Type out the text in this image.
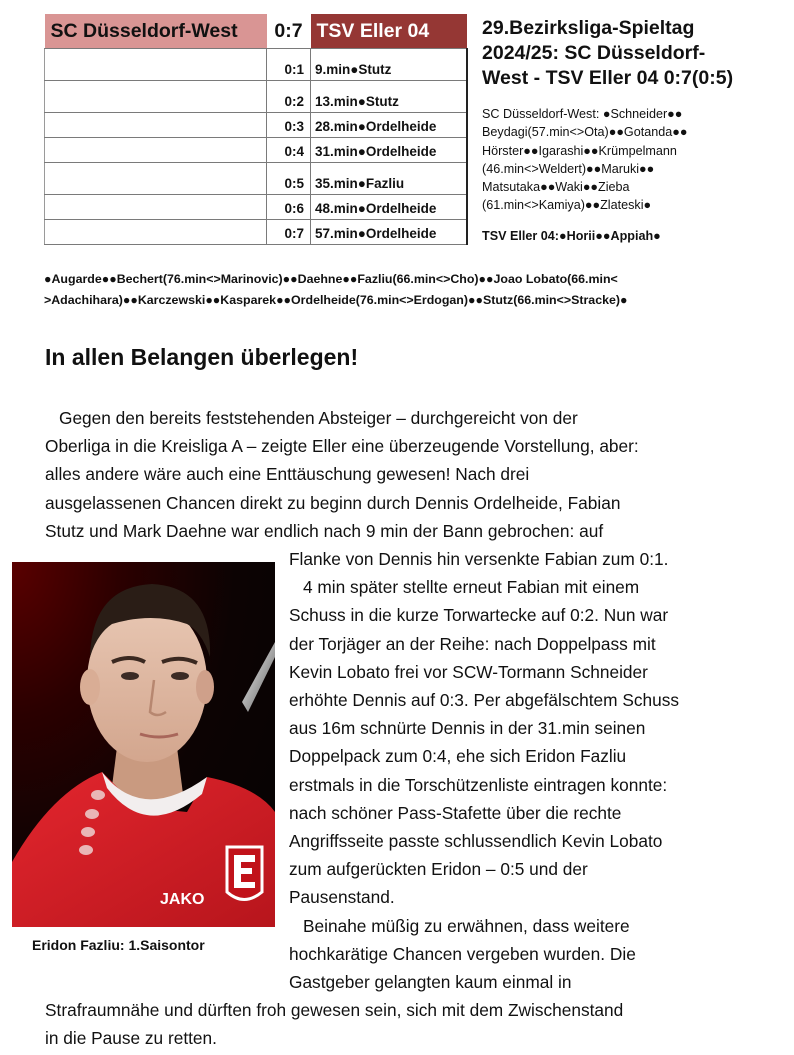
SC Düsseldorf-West	0:7	TSV Eller 04
	0:1	9.min●Stutz
	0:2	13.min●Stutz
	0:3	28.min●Ordelheide
	0:4	31.min●Ordelheide
	0:5	35.min●Fazliu
	0:6	48.min●Ordelheide
	0:7	57.min●Ordelheide
29.Bezirksliga-Spieltag
2024/25: SC Düsseldorf-
West - TSV Eller 04 0:7(0:5)
SC Düsseldorf-West: ●Schneider●●
Beydagi(57.min<>Ota)●●Gotanda●●
Hörster●●Igarashi●●Krümpelmann
(46.min<>Weldert)●●Maruki●●
Matsutaka●●Waki●●Zieba
(61.min<>Kamiya)●●Zlateski●
TSV Eller 04:●Horii●●Appiah●
●Augarde●●Bechert(76.min<>Marinovic)●●Daehne●●Fazliu(66.min<>Cho)●●Joao Lobato(66.min<
>Adachihara)●●Karczewski●●Kasparek●●Ordelheide(76.min<>Erdogan)●●Stutz(66.min<>Stracke)●
In allen Belangen überlegen!
Gegen den bereits feststehenden Absteiger – durchgereicht von der
Oberliga in die Kreisliga A – zeigte Eller eine überzeugende Vorstellung, aber:
alles andere wäre auch eine Enttäuschung gewesen! Nach drei
ausgelassenen Chancen direkt zu beginn durch Dennis Ordelheide, Fabian
Stutz und Mark Daehne war endlich nach 9 min der Bann gebrochen: auf
JAKO
Eridon Fazliu: 1.Saisontor
Flanke von Dennis hin versenkte Fabian zum 0:1.
4 min später stellte erneut Fabian mit einem
Schuss in die kurze Torwartecke auf 0:2. Nun war
der Torjäger an der Reihe: nach Doppelpass mit
Kevin Lobato frei vor SCW-Tormann Schneider
erhöhte Dennis auf 0:3. Per abgefälschtem Schuss
aus 16m schnürte Dennis in der 31.min seinen
Doppelpack zum 0:4, ehe sich Eridon Fazliu
erstmals in die Torschützenliste eintragen konnte:
nach schöner Pass-Stafette über die rechte
Angriffsseite passte schlussendlich Kevin Lobato
zum aufgerückten Eridon – 0:5 und der
Pausenstand.
Beinahe müßig zu erwähnen, dass weitere
hochkarätige Chancen vergeben wurden. Die
Gastgeber gelangten kaum einmal in
Strafraumnähe und dürften froh gewesen sein, sich mit dem Zwischenstand
in die Pause zu retten.
